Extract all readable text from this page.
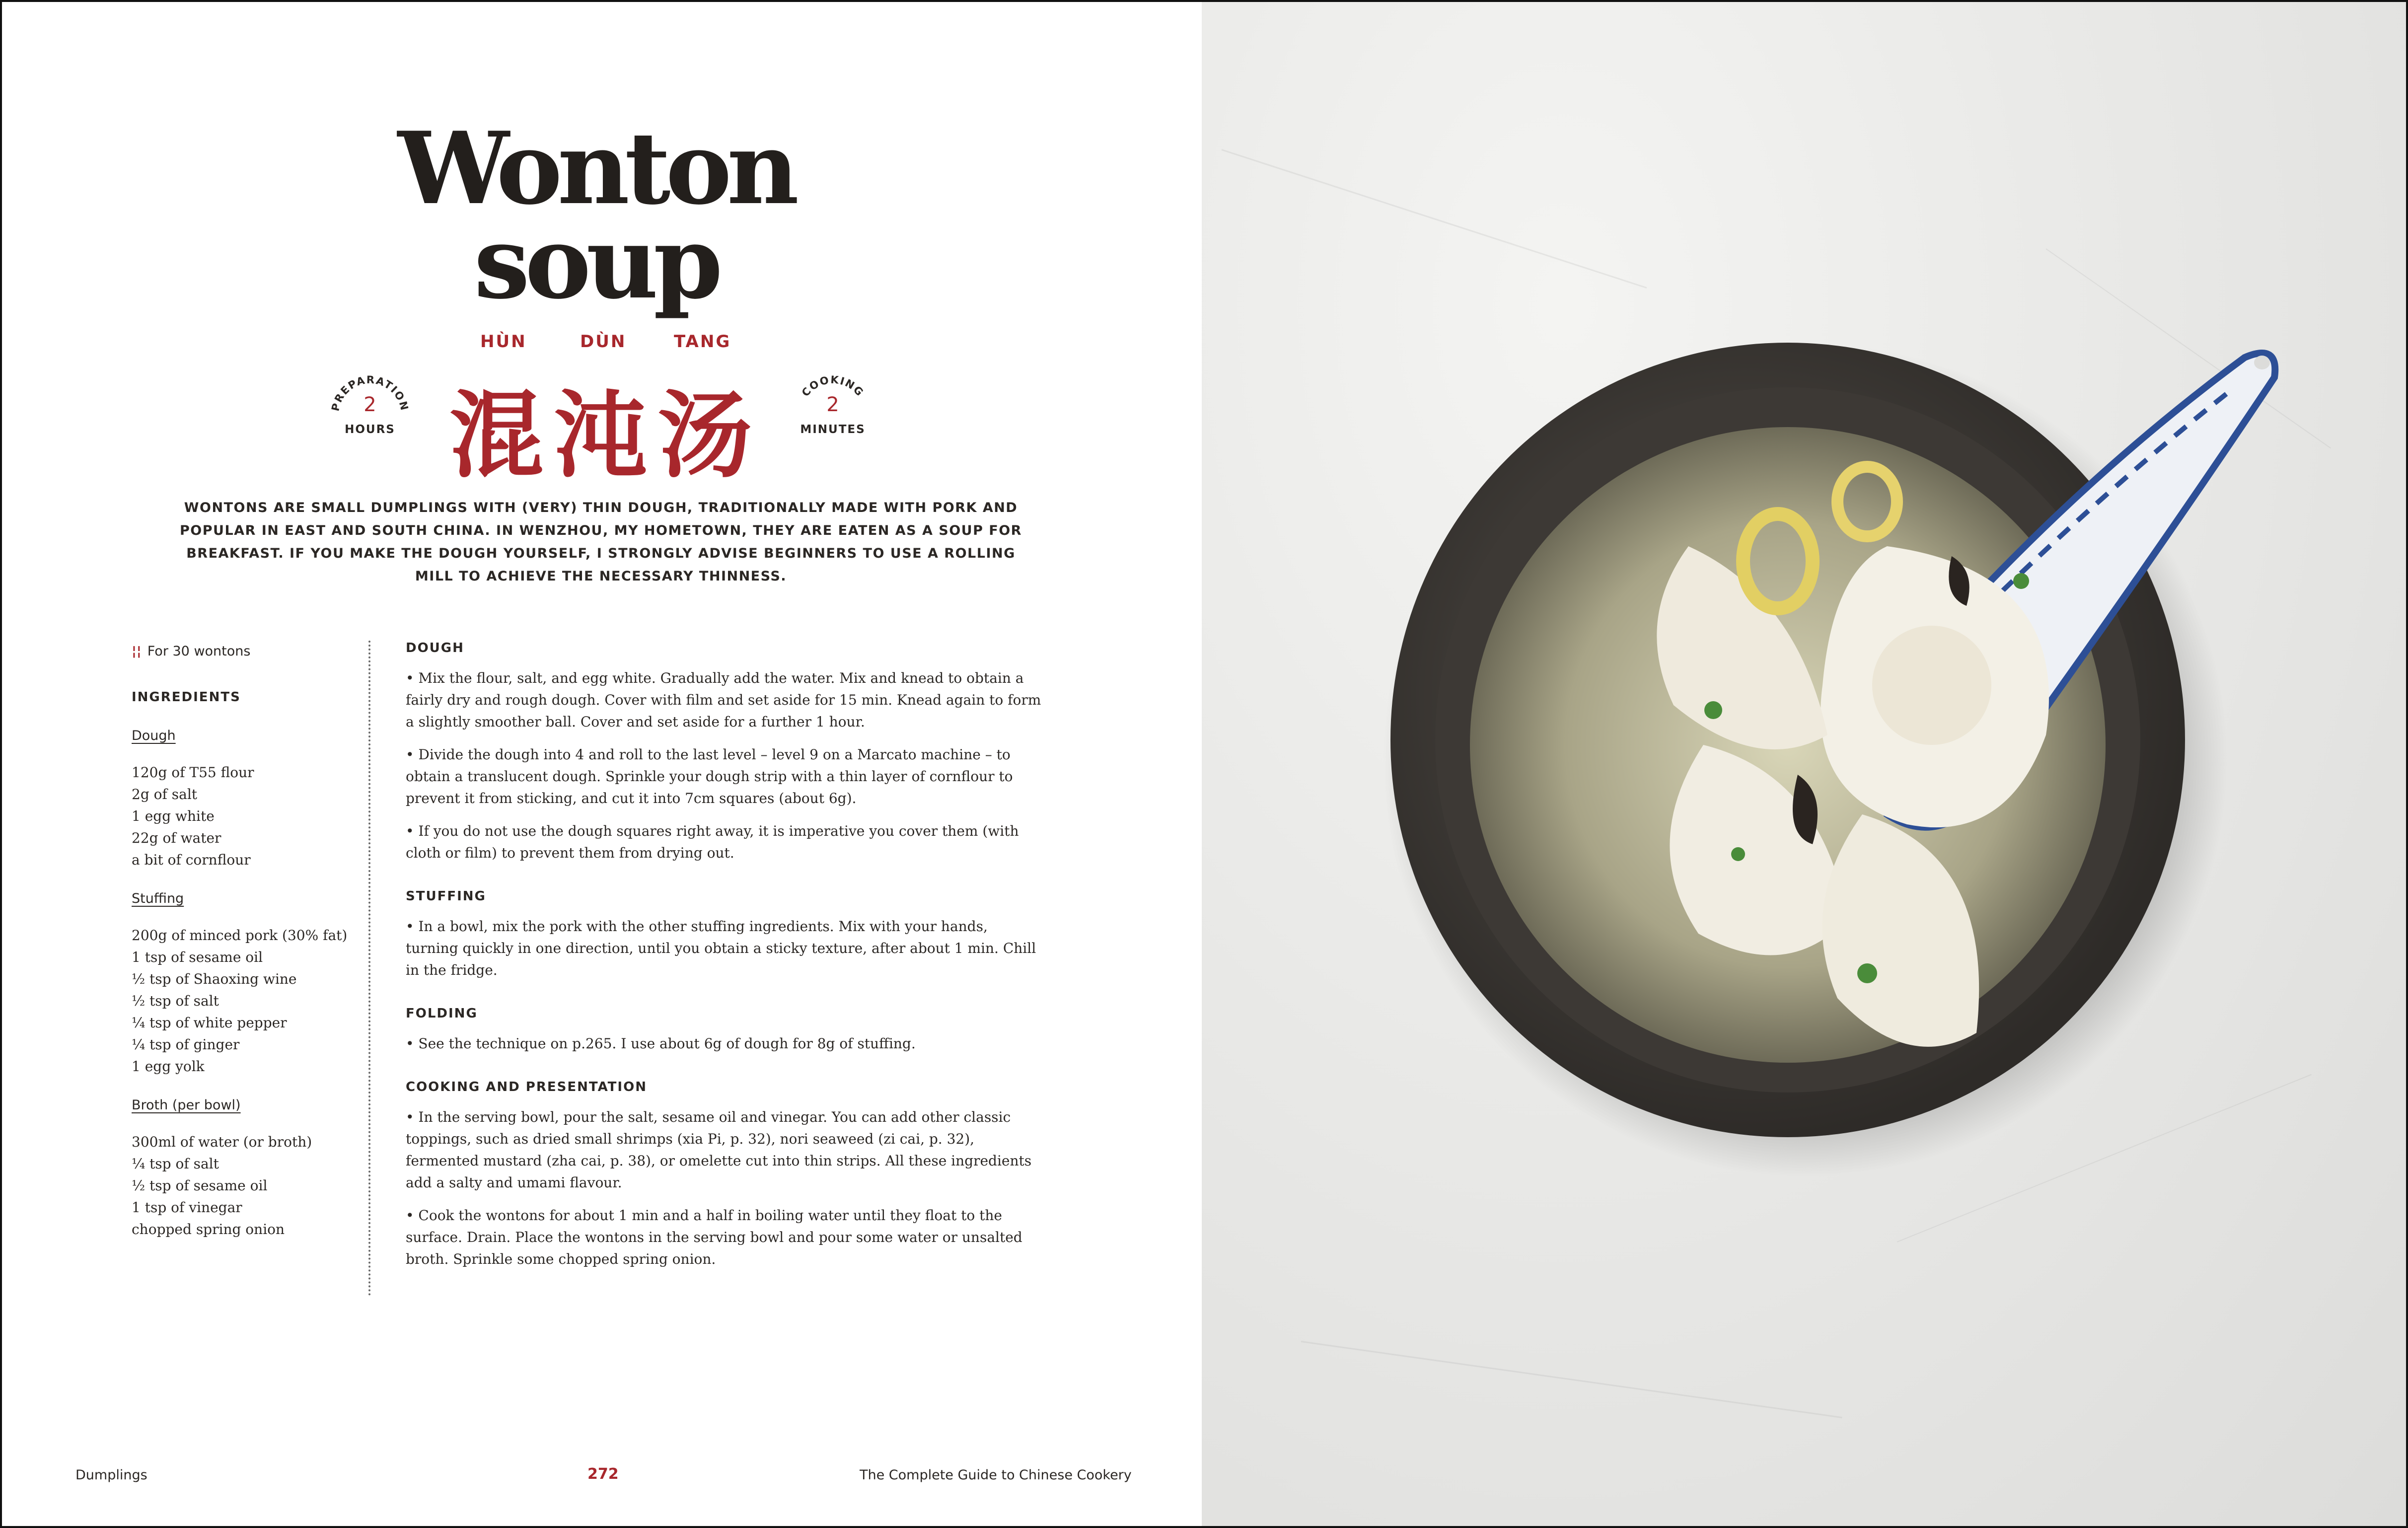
Wonton
soup
HÙN	DÙN	TANG
混沌汤
PREPARATION
2
HOURS
COOKING
2
MINUTES
WONTONS ARE SMALL DUMPLINGS WITH (VERY) THIN DOUGH, TRADITIONALLY MADE WITH PORK AND POPULAR IN EAST AND SOUTH CHINA. IN WENZHOU, MY HOMETOWN, THEY ARE EATEN AS A SOUP FOR BREAKFAST. IF YOU MAKE THE DOUGH YOURSELF, I STRONGLY ADVISE BEGINNERS TO USE A ROLLING MILL TO ACHIEVE THE NECESSARY THINNESS.
¦¦ For 30 wontons
INGREDIENTS
Dough
120g of T55 flour
2g of salt
1 egg white
22g of water
a bit of cornflour
Stuffing
200g of minced pork (30% fat)
1 tsp of sesame oil
½ tsp of Shaoxing wine
½ tsp of salt
¼ tsp of white pepper
¼ tsp of ginger
1 egg yolk
Broth (per bowl)
300ml of water (or broth)
¼ tsp of salt
½ tsp of sesame oil
1 tsp of vinegar
chopped spring onion
DOUGH
• Mix the flour, salt, and egg white. Gradually add the water. Mix and knead to obtain a fairly dry and rough dough. Cover with film and set aside for 15 min. Knead again to form a slightly smoother ball. Cover and set aside for a further 1 hour.
• Divide the dough into 4 and roll to the last level – level 9 on a Marcato machine – to obtain a translucent dough. Sprinkle your dough strip with a thin layer of cornflour to prevent it from sticking, and cut it into 7cm squares (about 6g).
• If you do not use the dough squares right away, it is imperative you cover them (with cloth or film) to prevent them from drying out.
STUFFING
• In a bowl, mix the pork with the other stuffing ingredients. Mix with your hands, turning quickly in one direction, until you obtain a sticky texture, after about 1 min. Chill in the fridge.
FOLDING
• See the technique on p.265. I use about 6g of dough for 8g of stuffing.
COOKING AND PRESENTATION
• In the serving bowl, pour the salt, sesame oil and vinegar. You can add other classic toppings, such as dried small shrimps (xia Pi, p. 32), nori seaweed (zi cai, p. 32), fermented mustard (zha cai, p. 38), or omelette cut into thin strips. All these ingredients add a salty and umami flavour.
• Cook the wontons for about 1 min and a half in boiling water until they float to the surface. Drain. Place the wontons in the serving bowl and pour some water or unsalted broth. Sprinkle some chopped spring onion.
Dumplings	272	The Complete Guide to Chinese Cookery
